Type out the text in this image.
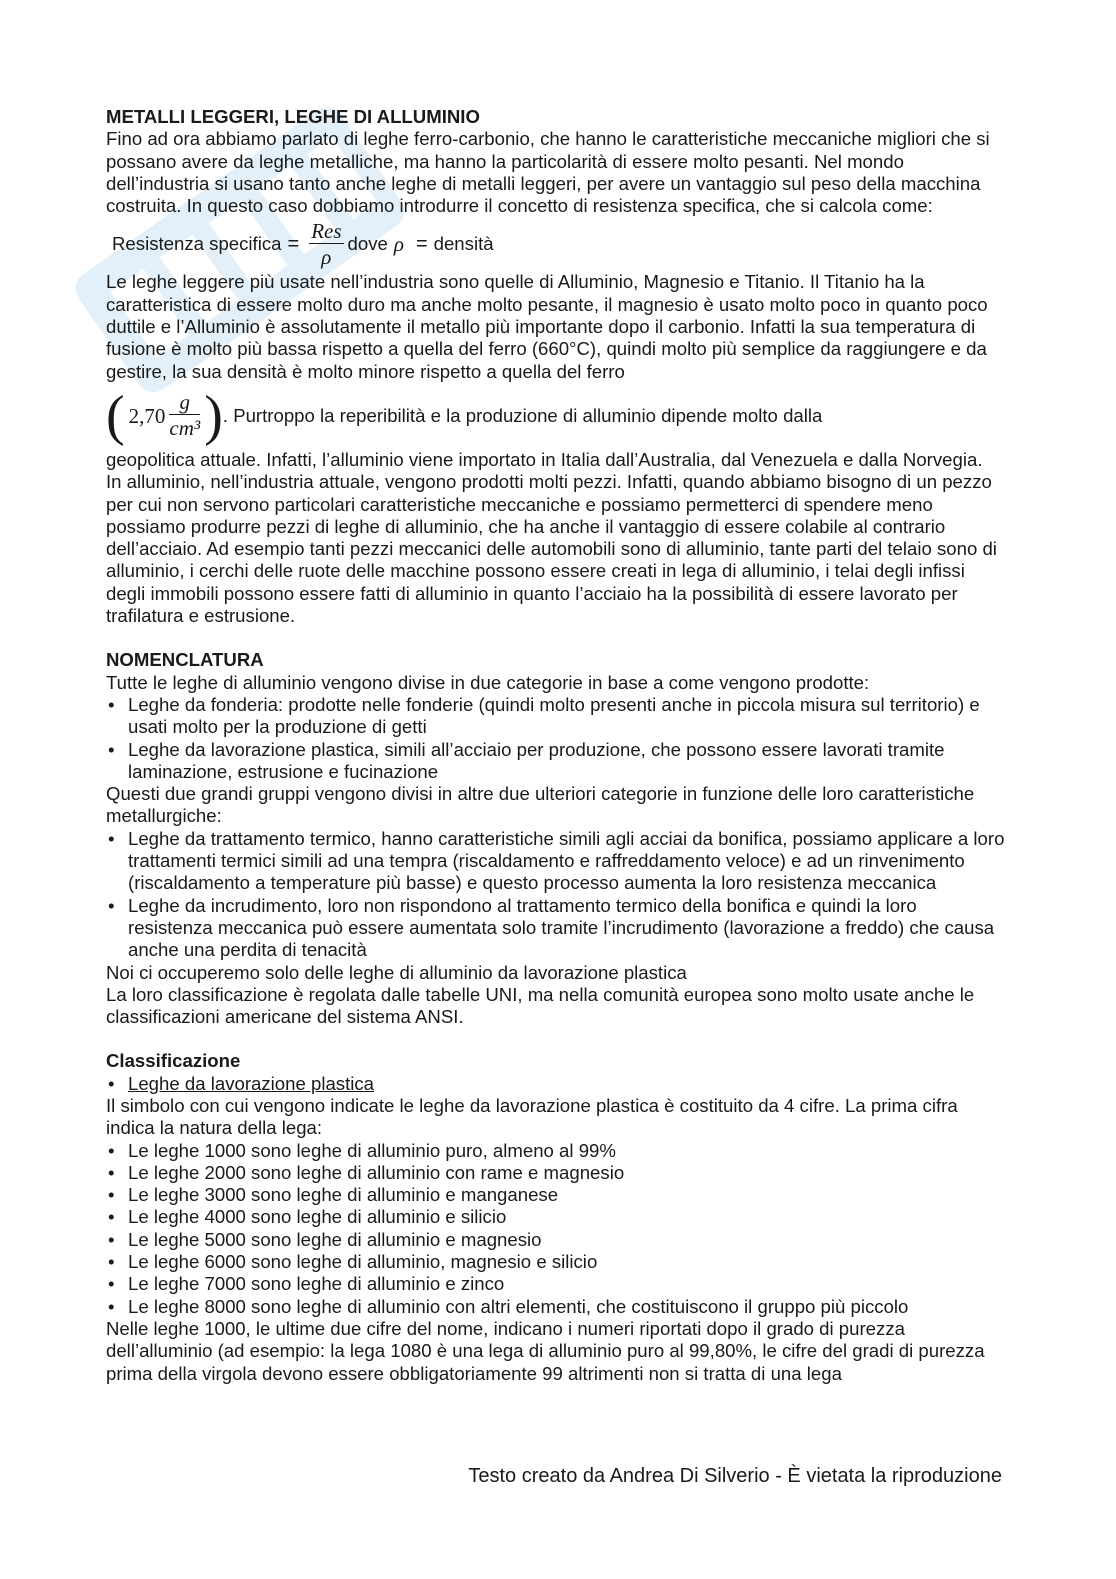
METALLI LEGGERI, LEGHE DI ALLUMINIO

Fino ad ora abbiamo parlato di leghe ferro-carbonio, che hanno le caratteristiche meccaniche migliori che si possano avere da leghe metalliche, ma hanno la particolarità di essere molto pesanti. Nel mondo dell’industria si usano tanto anche leghe di metalli leggeri, per avere un vantaggio sul peso della macchina costruita. In questo caso dobbiamo introdurre il concetto di resistenza specifica, che si calcola come:

Resistenza specifica = $\frac{\text{Res}}{\rho}$ dove ρ = densità

Le leghe leggere più usate nell’industria sono quelle di Alluminio, Magnesio e Titanio. Il Titanio ha la caratteristica di essere molto duro ma anche molto pesante, il magnesio è usato molto poco in quanto poco duttile e l’Alluminio è assolutamente il metallo più importante dopo il carbonio. Infatti la sua temperatura di fusione è molto più bassa rispetto a quella del ferro (660°C), quindi molto più semplice da raggiungere e da gestire, la sua densità è molto minore rispetto a quella del ferro

( $2,70 \frac{g}{\text{cm³}}$ ) . Purtroppo la reperibilità e la produzione di alluminio dipende molto dalla

geopolitica attuale. Infatti, l’alluminio viene importato in Italia dall’Australia, dal Venezuela e dalla Norvegia.

In alluminio, nell’industria attuale, vengono prodotti molti pezzi. Infatti, quando abbiamo bisogno di un pezzo per cui non servono particolari caratteristiche meccaniche e possiamo permetterci di spendere meno possiamo produrre pezzi di leghe di alluminio, che ha anche il vantaggio di essere colabile al contrario dell’acciaio. Ad esempio tanti pezzi meccanici delle automobili sono di alluminio, tante parti del telaio sono di alluminio, i cerchi delle ruote delle macchine possono essere creati in lega di alluminio, i telai degli infissi degli immobili possono essere fatti di alluminio in quanto l’acciaio ha la possibilità di essere lavorato per trafilatura e estrusione.

NOMENCLATURA

Tutte le leghe di alluminio vengono divise in due categorie in base a come vengono prodotte:

• Leghe da fonderia: prodotte nelle fonderie (quindi molto presenti anche in piccola misura sul territorio) e usati molto per la produzione di getti
• Leghe da lavorazione plastica, simili all’acciaio per produzione, che possono essere lavorati tramite laminazione, estrusione e fucinazione

Questi due grandi gruppi vengono divisi in altre due ulteriori categorie in funzione delle loro caratteristiche metallurgiche:

• Leghe da trattamento termico, hanno caratteristiche simili agli acciai da bonifica, possiamo applicare a loro trattamenti termici simili ad una tempra (riscaldamento e raffreddamento veloce) e ad un rinvenimento (riscaldamento a temperature più basse) e questo processo aumenta la loro resistenza meccanica
• Leghe da incrudimento, loro non rispondono al trattamento termico della bonifica e quindi la loro resistenza meccanica può essere aumentata solo tramite l’incrudimento (lavorazione a freddo) che causa anche una perdita di tenacità

Noi ci occuperemo solo delle leghe di alluminio da lavorazione plastica

La loro classificazione è regolata dalle tabelle UNI, ma nella comunità europea sono molto usate anche le classificazioni americane del sistema ANSI.

Classificazione

• Leghe da lavorazione plastica

Il simbolo con cui vengono indicate le leghe da lavorazione plastica è costituito da 4 cifre. La prima cifra indica la natura della lega:

• Le leghe 1000 sono leghe di alluminio puro, almeno al 99%
• Le leghe 2000 sono leghe di alluminio con rame e magnesio
• Le leghe 3000 sono leghe di alluminio e manganese
• Le leghe 4000 sono leghe di alluminio e silicio
• Le leghe 5000 sono leghe di alluminio e magnesio
• Le leghe 6000 sono leghe di alluminio, magnesio e silicio
• Le leghe 7000 sono leghe di alluminio e zinco
• Le leghe 8000 sono leghe di alluminio con altri elementi, che costituiscono il gruppo più piccolo

Nelle leghe 1000, le ultime due cifre del nome, indicano i numeri riportati dopo il grado di purezza dell’alluminio (ad esempio: la lega 1080 è una lega di alluminio puro al 99,80%, le cifre del gradi di purezza prima della virgola devono essere obbligatoriamente 99 altrimenti non si tratta di una lega

Testo creato da Andrea Di Silverio - È vietata la riproduzione
